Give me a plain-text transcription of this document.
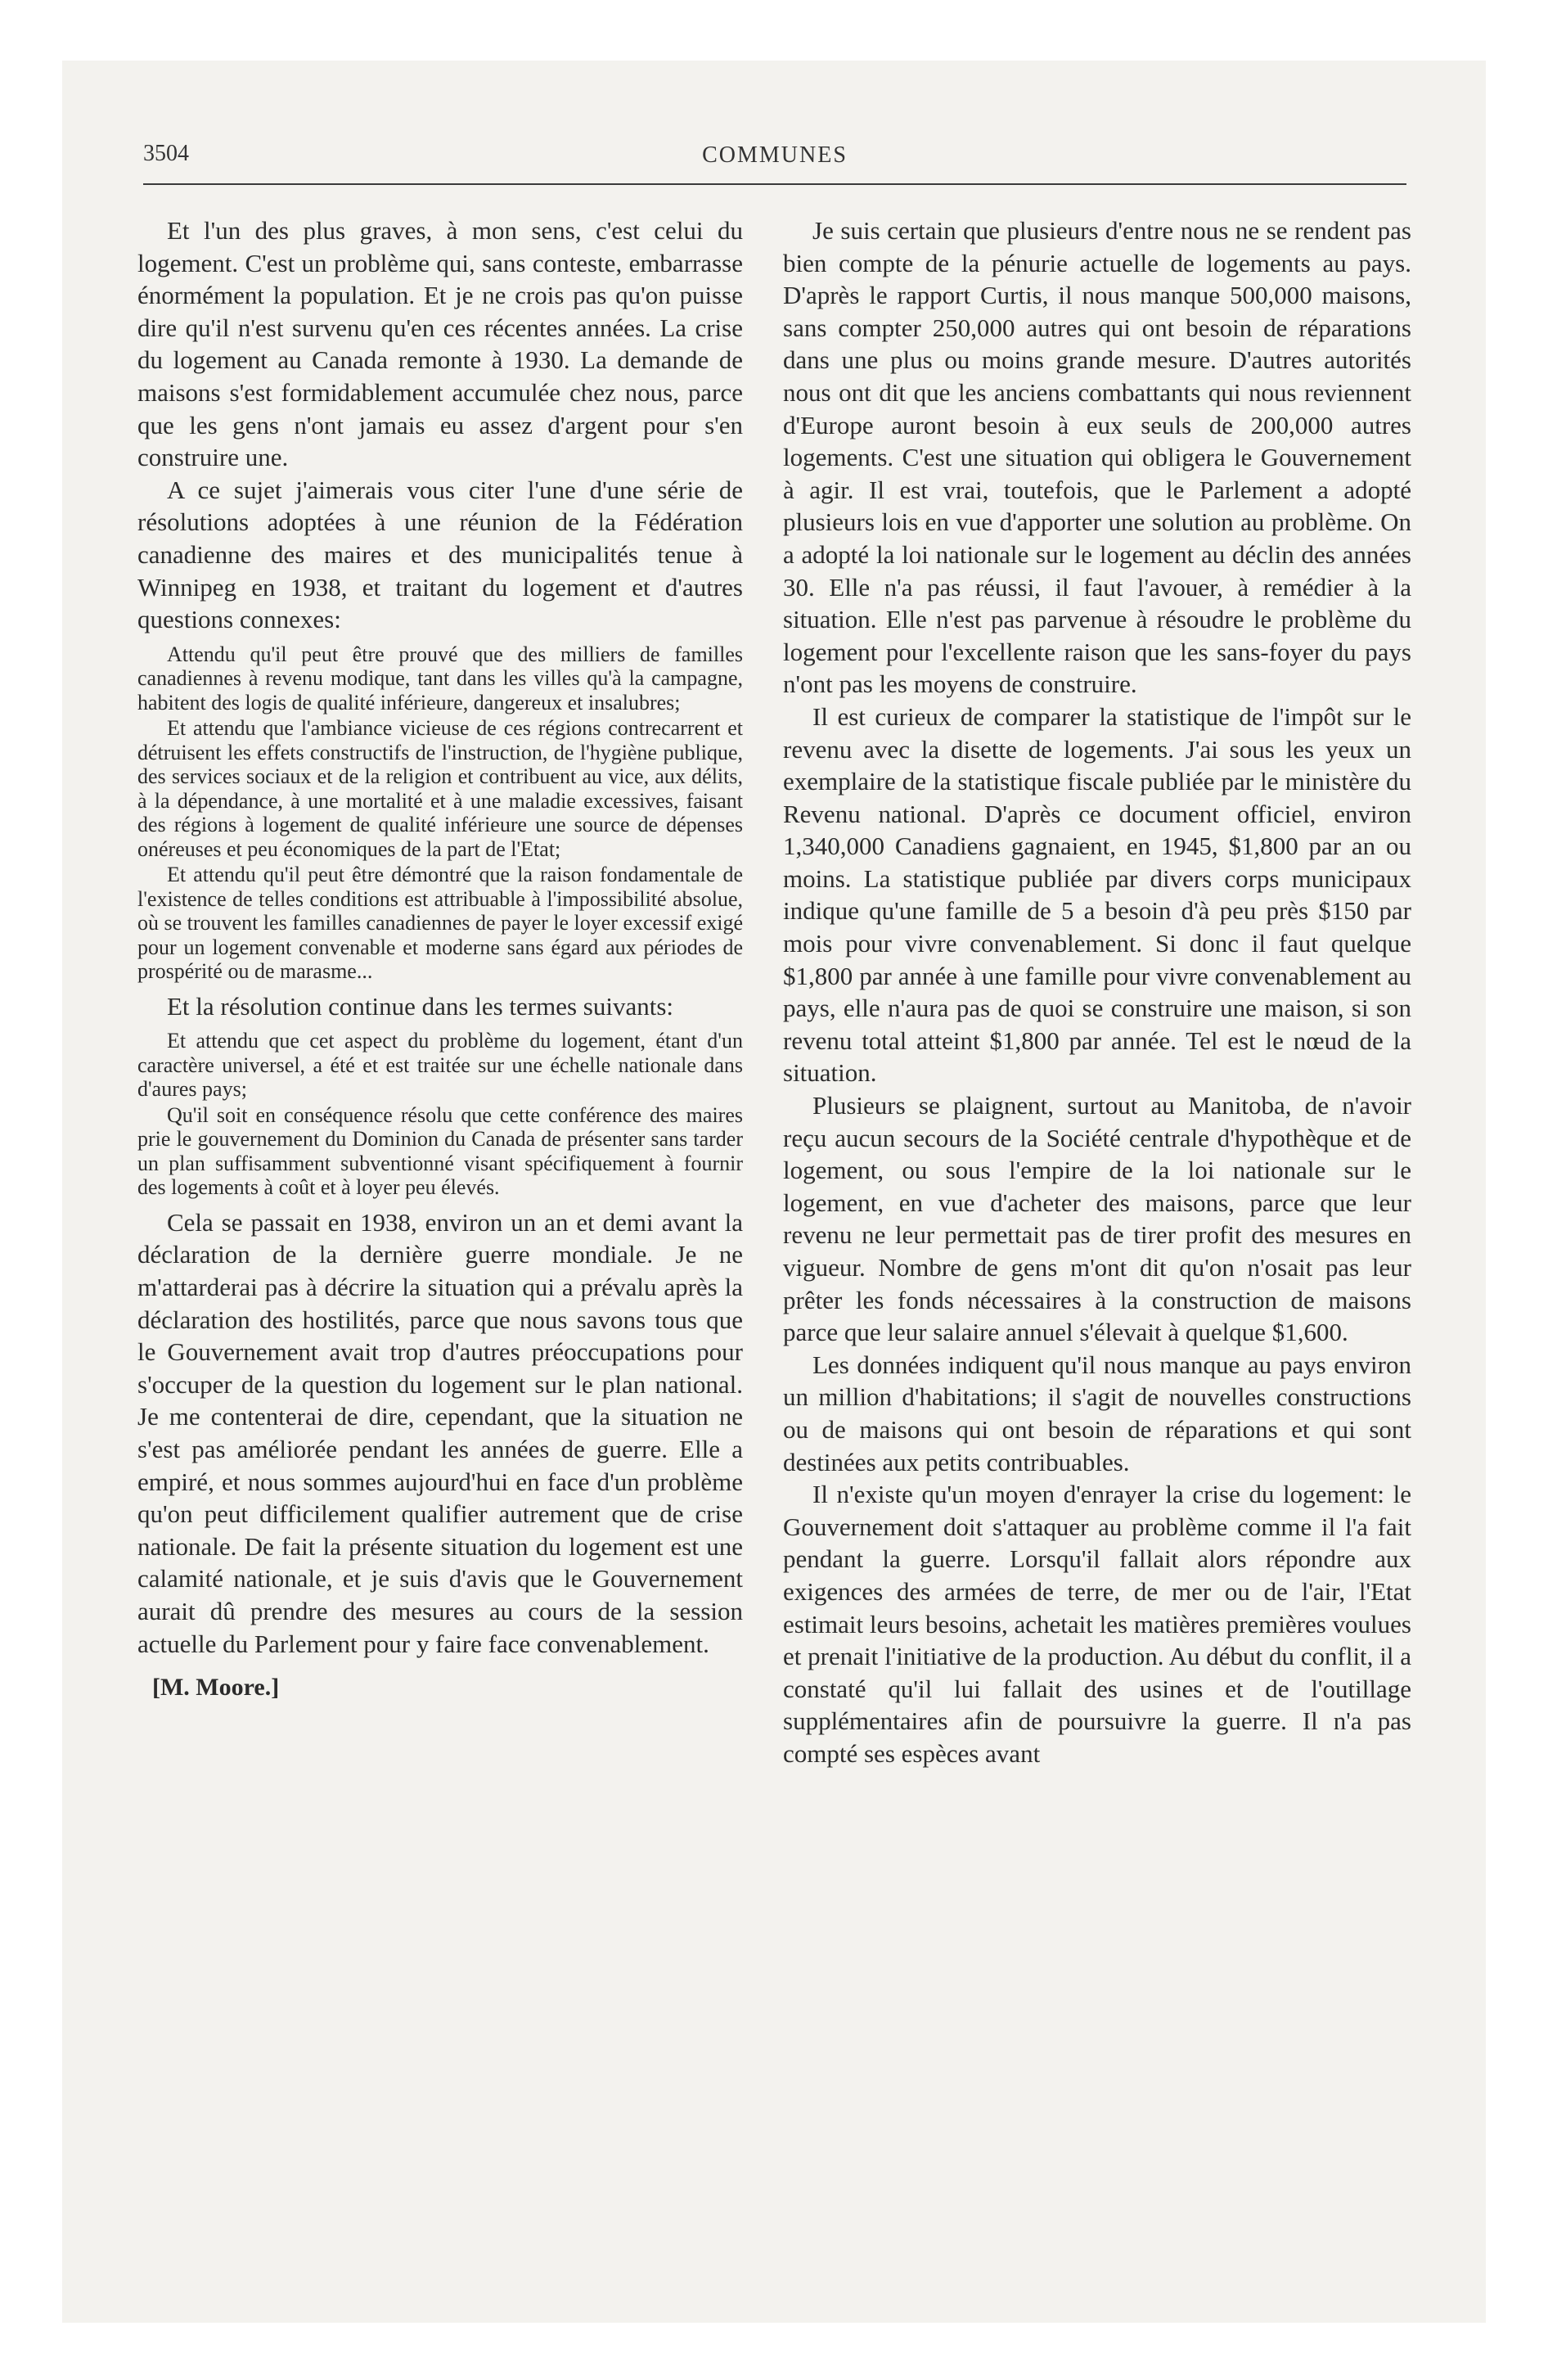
3504	COMMUNES

Et l'un des plus graves, à mon sens, c'est celui du logement. C'est un problème qui, sans conteste, embarrasse énormément la population. Et je ne crois pas qu'on puisse dire qu'il n'est survenu qu'en ces récentes années. La crise du logement au Canada remonte à 1930. La demande de maisons s'est formidablement accumulée chez nous, parce que les gens n'ont jamais eu assez d'argent pour s'en construire une.

A ce sujet j'aimerais vous citer l'une d'une série de résolutions adoptées à une réunion de la Fédération canadienne des maires et des municipalités tenue à Winnipeg en 1938, et traitant du logement et d'autres questions connexes:

Attendu qu'il peut être prouvé que des milliers de familles canadiennes à revenu modique, tant dans les villes qu'à la campagne, habitent des logis de qualité inférieure, dangereux et insalubres;

Et attendu que l'ambiance vicieuse de ces régions contrecarrent et détruisent les effets constructifs de l'instruction, de l'hygiène publique, des services sociaux et de la religion et contribuent au vice, aux délits, à la dépendance, à une mortalité et à une maladie excessives, faisant des régions à logement de qualité inférieure une source de dépenses onéreuses et peu économiques de la part de l'Etat;

Et attendu qu'il peut être démontré que la raison fondamentale de l'existence de telles conditions est attribuable à l'impossibilité absolue, où se trouvent les familles canadiennes de payer le loyer excessif exigé pour un logement convenable et moderne sans égard aux périodes de prospérité ou de marasme...

Et la résolution continue dans les termes suivants:

Et attendu que cet aspect du problème du logement, étant d'un caractère universel, a été et est traitée sur une échelle nationale dans d'aures pays;

Qu'il soit en conséquence résolu que cette conférence des maires prie le gouvernement du Dominion du Canada de présenter sans tarder un plan suffisamment subventionné visant spécifiquement à fournir des logements à coût et à loyer peu élevés.

Cela se passait en 1938, environ un an et demi avant la déclaration de la dernière guerre mondiale. Je ne m'attarderai pas à décrire la situation qui a prévalu après la déclaration des hostilités, parce que nous savons tous que le Gouvernement avait trop d'autres préoccupations pour s'occuper de la question du logement sur le plan national. Je me contenterai de dire, cependant, que la situation ne s'est pas améliorée pendant les années de guerre. Elle a empiré, et nous sommes aujourd'hui en face d'un problème qu'on peut difficilement qualifier autrement que de crise nationale. De fait la présente situation du logement est une calamité nationale, et je suis d'avis que le Gouvernement aurait dû prendre des mesures au cours de la session actuelle du Parlement pour y faire face convenablement.

[M. Moore.]

Je suis certain que plusieurs d'entre nous ne se rendent pas bien compte de la pénurie actuelle de logements au pays. D'après le rapport Curtis, il nous manque 500,000 maisons, sans compter 250,000 autres qui ont besoin de réparations dans une plus ou moins grande mesure. D'autres autorités nous ont dit que les anciens combattants qui nous reviennent d'Europe auront besoin à eux seuls de 200,000 autres logements. C'est une situation qui obligera le Gouvernement à agir. Il est vrai, toutefois, que le Parlement a adopté plusieurs lois en vue d'apporter une solution au problème. On a adopté la loi nationale sur le logement au déclin des années 30. Elle n'a pas réussi, il faut l'avouer, à remédier à la situation. Elle n'est pas parvenue à résoudre le problème du logement pour l'excellente raison que les sans-foyer du pays n'ont pas les moyens de construire.

Il est curieux de comparer la statistique de l'impôt sur le revenu avec la disette de logements. J'ai sous les yeux un exemplaire de la statistique fiscale publiée par le ministère du Revenu national. D'après ce document officiel, environ 1,340,000 Canadiens gagnaient, en 1945, $1,800 par an ou moins. La statistique publiée par divers corps municipaux indique qu'une famille de 5 a besoin d'à peu près $150 par mois pour vivre convenablement. Si donc il faut quelque $1,800 par année à une famille pour vivre convenablement au pays, elle n'aura pas de quoi se construire une maison, si son revenu total atteint $1,800 par année. Tel est le nœud de la situation.

Plusieurs se plaignent, surtout au Manitoba, de n'avoir reçu aucun secours de la Société centrale d'hypothèque et de logement, ou sous l'empire de la loi nationale sur le logement, en vue d'acheter des maisons, parce que leur revenu ne leur permettait pas de tirer profit des mesures en vigueur. Nombre de gens m'ont dit qu'on n'osait pas leur prêter les fonds nécessaires à la construction de maisons parce que leur salaire annuel s'élevait à quelque $1,600.

Les données indiquent qu'il nous manque au pays environ un million d'habitations; il s'agit de nouvelles constructions ou de maisons qui ont besoin de réparations et qui sont destinées aux petits contribuables.

Il n'existe qu'un moyen d'enrayer la crise du logement: le Gouvernement doit s'attaquer au problème comme il l'a fait pendant la guerre. Lorsqu'il fallait alors répondre aux exigences des armées de terre, de mer ou de l'air, l'Etat estimait leurs besoins, achetait les matières premières voulues et prenait l'initiative de la production. Au début du conflit, il a constaté qu'il lui fallait des usines et de l'outillage supplémentaires afin de poursuivre la guerre. Il n'a pas compté ses espèces avant
